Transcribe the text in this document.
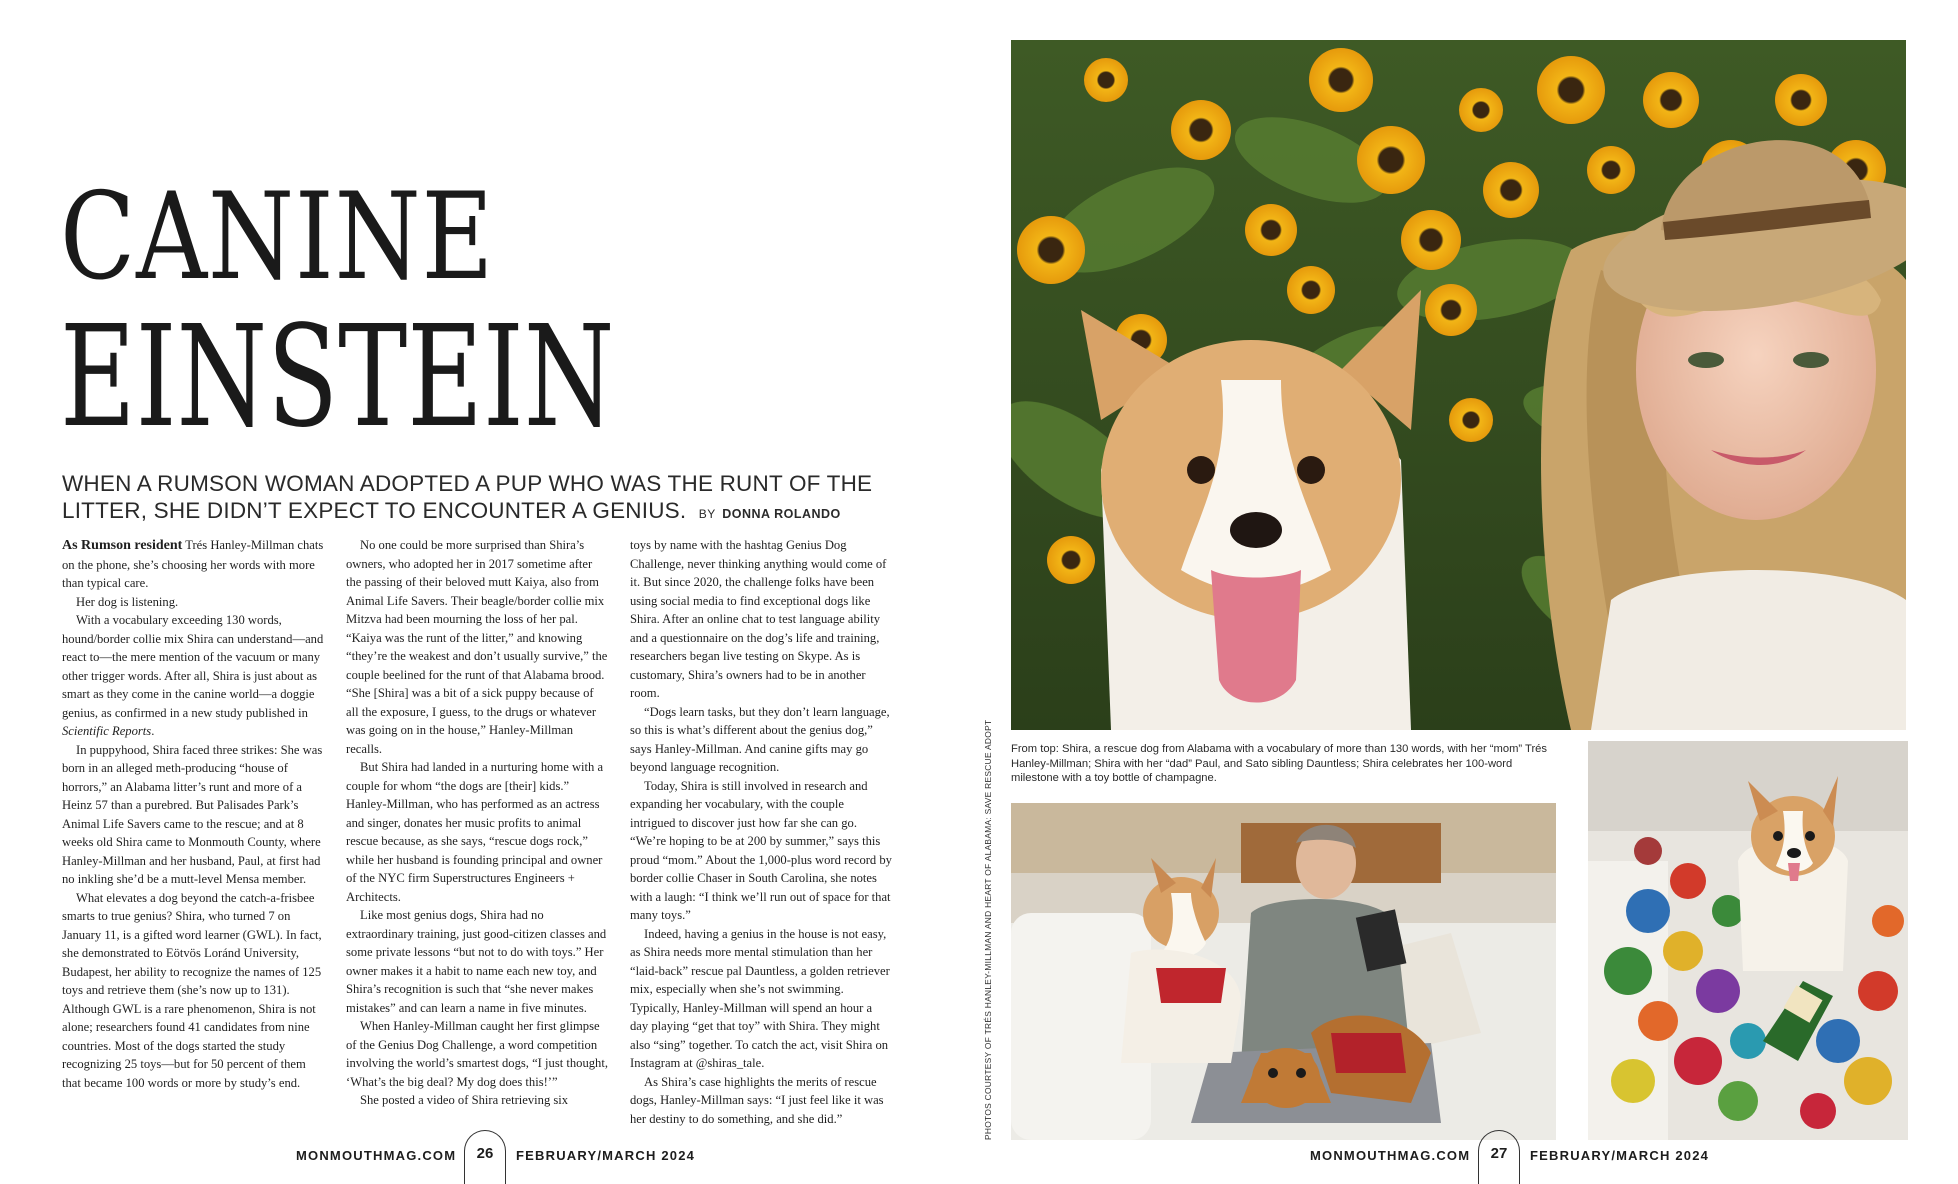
CANINE
EINSTEIN
WHEN A RUMSON WOMAN ADOPTED A PUP WHO WAS THE RUNT OF THE LITTER, SHE DIDN’T EXPECT TO ENCOUNTER A GENIUS. BY DONNA ROLANDO

As Rumson resident Trés Hanley-Millman chats on the phone, she’s choosing her words with more than typical care.

Her dog is listening.

With a vocabulary exceeding 130 words, hound/border collie mix Shira can understand—and react to—the mere mention of the vacuum or many other trigger words. After all, Shira is just about as smart as they come in the canine world—a doggie genius, as confirmed in a new study published in Scientific Reports.

In puppyhood, Shira faced three strikes: She was born in an alleged meth-producing “house of horrors,” an Alabama litter’s runt and more of a Heinz 57 than a purebred. But Palisades Park’s Animal Life Savers came to the rescue; and at 8 weeks old Shira came to Monmouth County, where Hanley-Millman and her husband, Paul, at first had no inkling she’d be a mutt-level Mensa member.

What elevates a dog beyond the catch-a-frisbee smarts to true genius? Shira, who turned 7 on January 11, is a gifted word learner (GWL). In fact, she demonstrated to Eötvös Loránd University, Budapest, her ability to recognize the names of 125 toys and retrieve them (she’s now up to 131). Although GWL is a rare phenomenon, Shira is not alone; researchers found 41 candidates from nine countries. Most of the dogs started the study recognizing 25 toys—but for 50 percent of them that became 100 words or more by study’s end.

No one could be more surprised than Shira’s owners, who adopted her in 2017 sometime after the passing of their beloved mutt Kaiya, also from Animal Life Savers. Their beagle/border collie mix Mitzva had been mourning the loss of her pal. “Kaiya was the runt of the litter,” and knowing “they’re the weakest and don’t usually survive,” the couple beelined for the runt of that Alabama brood. “She [Shira] was a bit of a sick puppy because of all the exposure, I guess, to the drugs or whatever was going on in the house,” Hanley-Millman recalls.

But Shira had landed in a nurturing home with a couple for whom “the dogs are [their] kids.” Hanley-Millman, who has performed as an actress and singer, donates her music profits to animal rescue because, as she says, “rescue dogs rock,” while her husband is founding principal and owner of the NYC firm Superstructures Engineers + Architects.

Like most genius dogs, Shira had no extraordinary training, just good-citizen classes and some private lessons “but not to do with toys.” Her owner makes it a habit to name each new toy, and Shira’s recognition is such that “she never makes mistakes” and can learn a name in five minutes.

When Hanley-Millman caught her first glimpse of the Genius Dog Challenge, a word competition involving the world’s smartest dogs, “I just thought, ‘What’s the big deal? My dog does this!’”

She posted a video of Shira retrieving six

toys by name with the hashtag Genius Dog Challenge, never thinking anything would come of it. But since 2020, the challenge folks have been using social media to find exceptional dogs like Shira. After an online chat to test language ability and a questionnaire on the dog’s life and training, researchers began live testing on Skype. As is customary, Shira’s owners had to be in another room.

“Dogs learn tasks, but they don’t learn language, so this is what’s different about the genius dog,” says Hanley-Millman. And canine gifts may go beyond language recognition.

Today, Shira is still involved in research and expanding her vocabulary, with the couple intrigued to discover just how far she can go. “We’re hoping to be at 200 by summer,” says this proud “mom.” About the 1,000-plus word record by border collie Chaser in South Carolina, she notes with a laugh: “I think we’ll run out of space for that many toys.”

Indeed, having a genius in the house is not easy, as Shira needs more mental stimulation than her “laid-back” rescue pal Dauntless, a golden retriever mix, especially when she’s not swimming. Typically, Hanley-Millman will spend an hour a day playing “get that toy” with Shira. They might also “sing” together. To catch the act, visit Shira on Instagram at @shiras_tale.

As Shira’s case highlights the merits of rescue dogs, Hanley-Millman says: “I just feel like it was her destiny to do something, and she did.”

MONMOUTHMAG.COM	26	FEBRUARY/MARCH 2024
From top: Shira, a rescue dog from Alabama with a vocabulary of more than 130 words, with her “mom” Trés Hanley-Millman; Shira with her “dad” Paul, and Sato sibling Dauntless; Shira celebrates her 100-word milestone with a toy bottle of champagne.
PHOTOS COURTESY OF TRÉS HANLEY-MILLMAN AND HEART OF ALABAMA: SAVE RESCUE ADOPT
MONMOUTHMAG.COM	27	FEBRUARY/MARCH 2024
